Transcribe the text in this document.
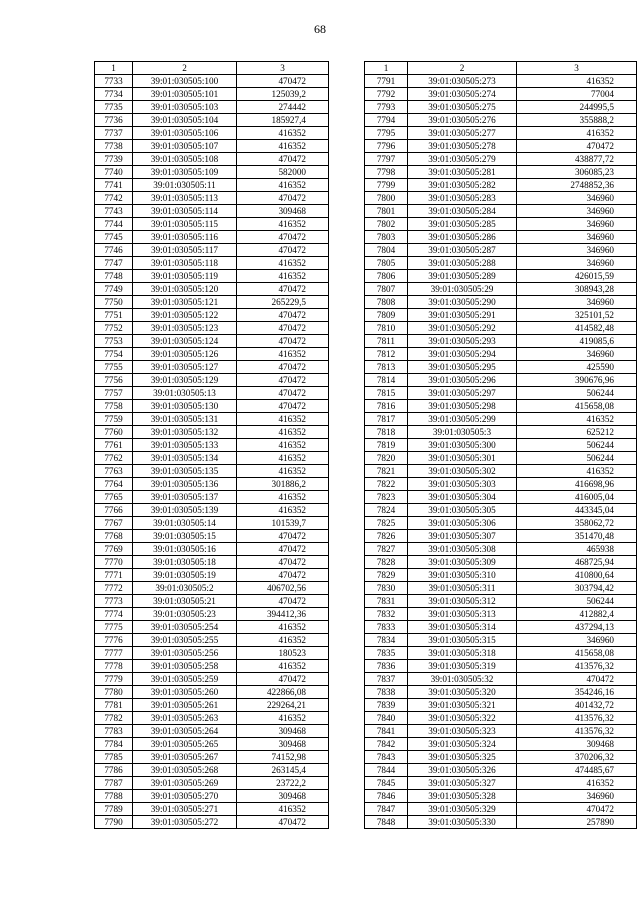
68
1	2	3
7733	39:01:030505:100	470472
7734	39:01:030505:101	125039,2
7735	39:01:030505:103	274442
7736	39:01:030505:104	185927,4
7737	39:01:030505:106	416352
7738	39:01:030505:107	416352
7739	39:01:030505:108	470472
7740	39:01:030505:109	582000
7741	39:01:030505:11	416352
7742	39:01:030505:113	470472
7743	39:01:030505:114	309468
7744	39:01:030505:115	416352
7745	39:01:030505:116	470472
7746	39:01:030505:117	470472
7747	39:01:030505:118	416352
7748	39:01:030505:119	416352
7749	39:01:030505:120	470472
7750	39:01:030505:121	265229,5
7751	39:01:030505:122	470472
7752	39:01:030505:123	470472
7753	39:01:030505:124	470472
7754	39:01:030505:126	416352
7755	39:01:030505:127	470472
7756	39:01:030505:129	470472
7757	39:01:030505:13	470472
7758	39:01:030505:130	470472
7759	39:01:030505:131	416352
7760	39:01:030505:132	416352
7761	39:01:030505:133	416352
7762	39:01:030505:134	416352
7763	39:01:030505:135	416352
7764	39:01:030505:136	301886,2
7765	39:01:030505:137	416352
7766	39:01:030505:139	416352
7767	39:01:030505:14	101539,7
7768	39:01:030505:15	470472
7769	39:01:030505:16	470472
7770	39:01:030505:18	470472
7771	39:01:030505:19	470472
7772	39:01:030505:2	406702,56
7773	39:01:030505:21	470472
7774	39:01:030505:23	394412,36
7775	39:01:030505:254	416352
7776	39:01:030505:255	416352
7777	39:01:030505:256	180523
7778	39:01:030505:258	416352
7779	39:01:030505:259	470472
7780	39:01:030505:260	422866,08
7781	39:01:030505:261	229264,21
7782	39:01:030505:263	416352
7783	39:01:030505:264	309468
7784	39:01:030505:265	309468
7785	39:01:030505:267	74152,98
7786	39:01:030505:268	263145,4
7787	39:01:030505:269	23722,2
7788	39:01:030505:270	309468
7789	39:01:030505:271	416352
7790	39:01:030505:272	470472
1	2	3
7791	39:01:030505:273	416352
7792	39:01:030505:274	77004
7793	39:01:030505:275	244995,5
7794	39:01:030505:276	355888,2
7795	39:01:030505:277	416352
7796	39:01:030505:278	470472
7797	39:01:030505:279	438877,72
7798	39:01:030505:281	306085,23
7799	39:01:030505:282	2748852,36
7800	39:01:030505:283	346960
7801	39:01:030505:284	346960
7802	39:01:030505:285	346960
7803	39:01:030505:286	346960
7804	39:01:030505:287	346960
7805	39:01:030505:288	346960
7806	39:01:030505:289	426015,59
7807	39:01:030505:29	308943,28
7808	39:01:030505:290	346960
7809	39:01:030505:291	325101,52
7810	39:01:030505:292	414582,48
7811	39:01:030505:293	419085,6
7812	39:01:030505:294	346960
7813	39:01:030505:295	425590
7814	39:01:030505:296	390676,96
7815	39:01:030505:297	506244
7816	39:01:030505:298	415658,08
7817	39:01:030505:299	416352
7818	39:01:030505:3	625212
7819	39:01:030505:300	506244
7820	39:01:030505:301	506244
7821	39:01:030505:302	416352
7822	39:01:030505:303	416698,96
7823	39:01:030505:304	416005,04
7824	39:01:030505:305	443345,04
7825	39:01:030505:306	358062,72
7826	39:01:030505:307	351470,48
7827	39:01:030505:308	465938
7828	39:01:030505:309	468725,94
7829	39:01:030505:310	410800,64
7830	39:01:030505:311	303794,42
7831	39:01:030505:312	506244
7832	39:01:030505:313	412882,4
7833	39:01:030505:314	437294,13
7834	39:01:030505:315	346960
7835	39:01:030505:318	415658,08
7836	39:01:030505:319	413576,32
7837	39:01:030505:32	470472
7838	39:01:030505:320	354246,16
7839	39:01:030505:321	401432,72
7840	39:01:030505:322	413576,32
7841	39:01:030505:323	413576,32
7842	39:01:030505:324	309468
7843	39:01:030505:325	370206,32
7844	39:01:030505:326	474485,67
7845	39:01:030505:327	416352
7846	39:01:030505:328	346960
7847	39:01:030505:329	470472
7848	39:01:030505:330	257890
